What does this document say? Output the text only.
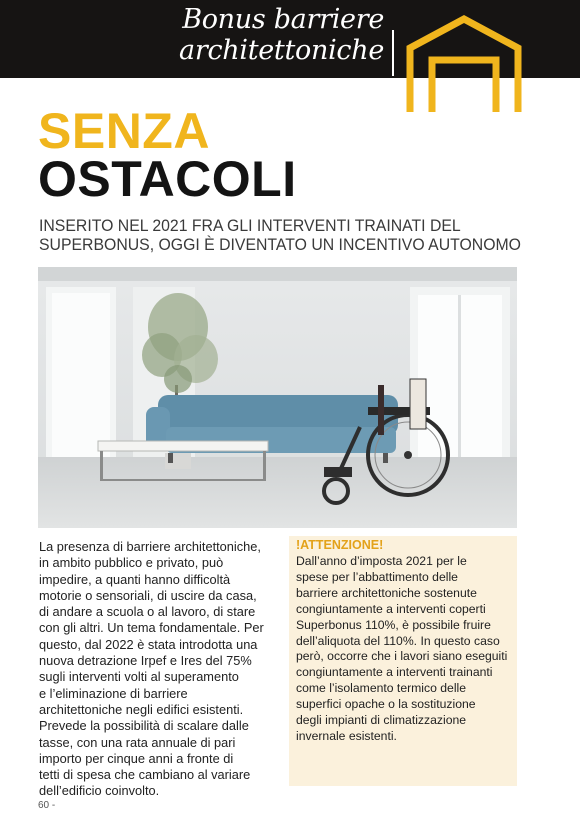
Bonus barriere
architettoniche
SENZA
OSTACOLI
INSERITO NEL 2021 FRA GLI INTERVENTI TRAINATI DEL
SUPERBONUS, OGGI È DIVENTATO UN INCENTIVO AUTONOMO
La presenza di barriere architettoniche,
in ambito pubblico e privato, può
impedire, a quanti hanno difficoltà
motorie o sensoriali, di uscire da casa,
di andare a scuola o al lavoro, di stare
con gli altri. Un tema fondamentale. Per
questo, dal 2022 è stata introdotta una
nuova detrazione Irpef e Ires del 75%
sugli interventi volti al superamento
e l’eliminazione di barriere
architettoniche negli edifici esistenti.
Prevede la possibilità di scalare dalle
tasse, con una rata annuale di pari
importo per cinque anni a fronte di
tetti di spesa che cambiano al variare
dell’edificio coinvolto.
!ATTENZIONE!
Dall’anno d’imposta 2021 per le
spese per l’abbattimento delle
barriere architettoniche sostenute
congiuntamente a interventi coperti
Superbonus 110%, è possibile fruire
dell’aliquota del 110%. In questo caso
però, occorre che i lavori siano eseguiti
congiuntamente a interventi trainanti
come l’isolamento termico delle
superfici opache o la sostituzione
degli impianti di climatizzazione
invernale esistenti.
60 -
